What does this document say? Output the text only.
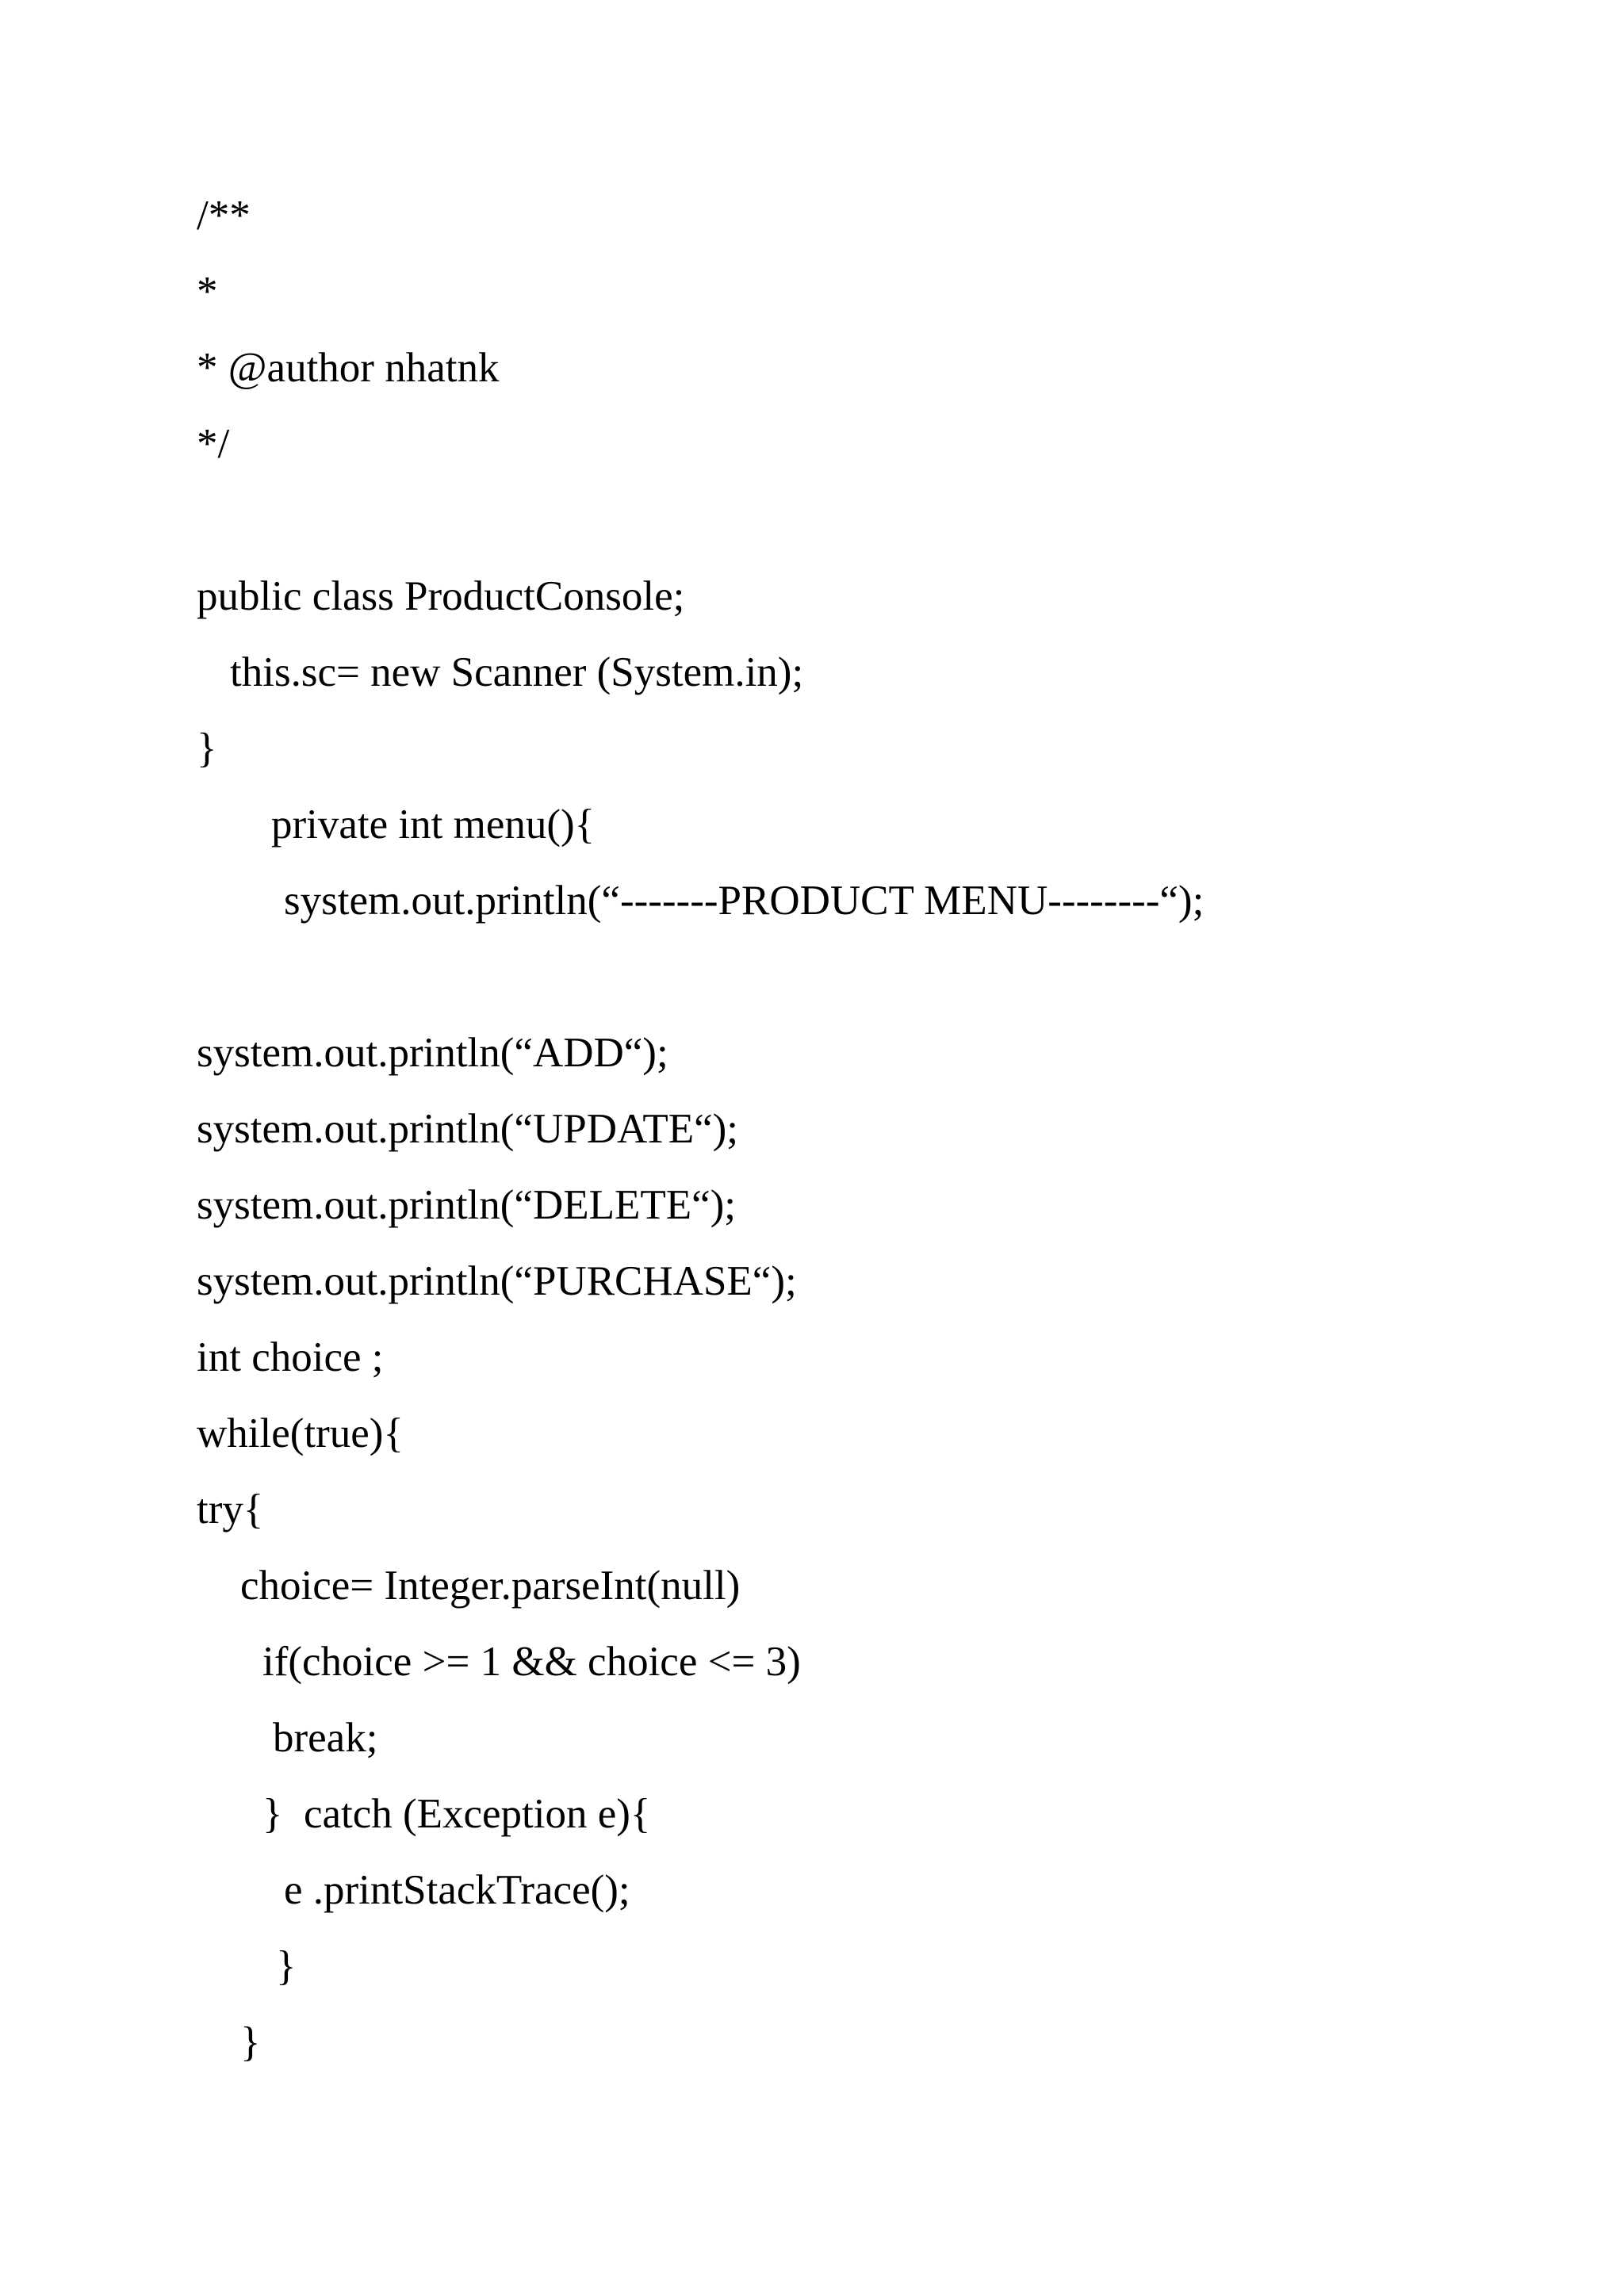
/**

*

* @author nhatnk

*/

public class ProductConsole;

this.sc= new Scanner (System.in);

}

private int menu(){

system.out.println(“-------PRODUCT MENU--------“);

system.out.println(“ADD“);

system.out.println(“UPDATE“);

system.out.println(“DELETE“);

system.out.println(“PURCHASE“);

int choice ;

while(true){

try{

choice= Integer.parseInt(null)

if(choice >= 1 && choice <= 3)

break;

}  catch (Exception e){

e .printStackTrace();

}

}
